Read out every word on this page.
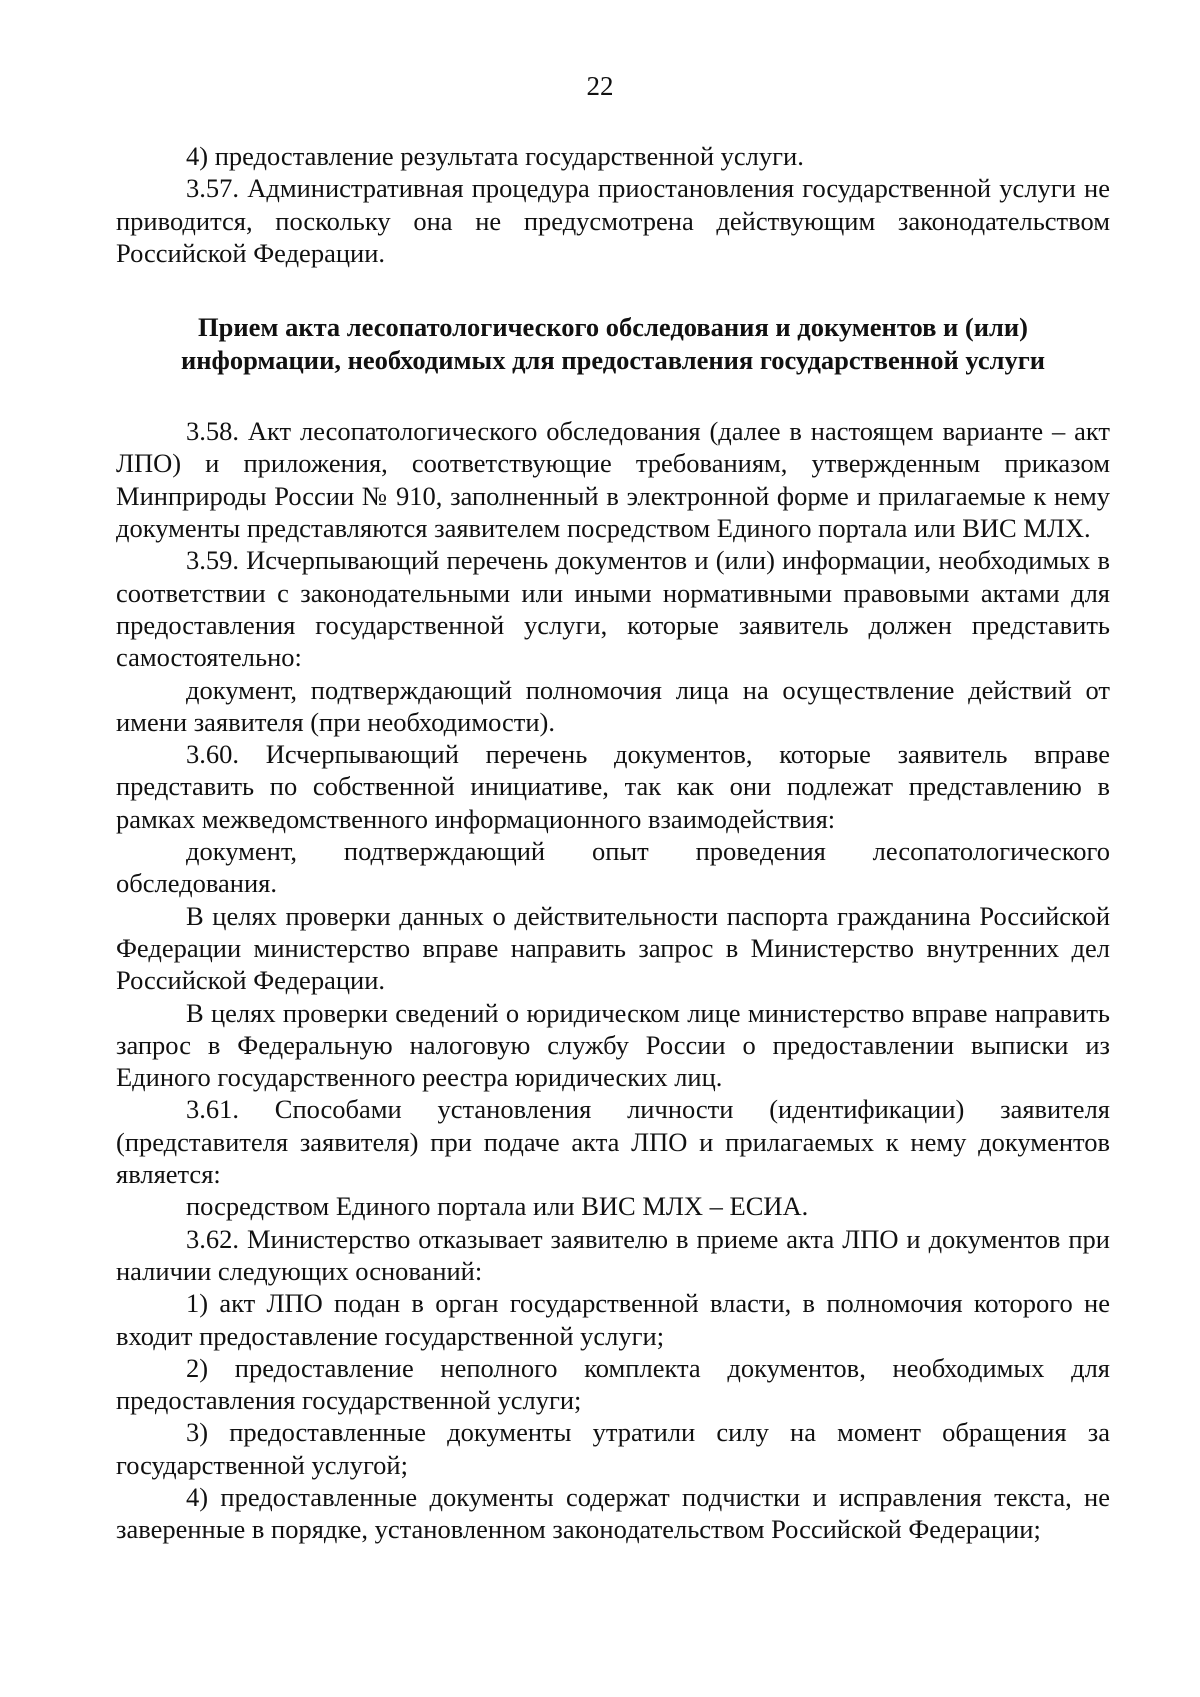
22

4) предоставление результата государственной услуги.

3.57. Административная процедура приостановления государственной услуги не приводится, поскольку она не предусмотрена действующим законодательством Российской Федерации.

Прием акта лесопатологического обследования и документов и (или)
информации, необходимых для предоставления государственной услуги

3.58. Акт лесопатологического обследования (далее в настоящем варианте – акт ЛПО) и приложения, соответствующие требованиям, утвержденным приказом Минприроды России № 910, заполненный в электронной форме и прилагаемые к нему документы представляются заявителем посредством Единого портала или ВИС МЛХ.

3.59. Исчерпывающий перечень документов и (или) информации, необходимых в соответствии с законодательными или иными нормативными правовыми актами для предоставления государственной услуги, которые заявитель должен представить самостоятельно:

документ, подтверждающий полномочия лица на осуществление действий от имени заявителя (при необходимости).

3.60. Исчерпывающий перечень документов, которые заявитель вправе представить по собственной инициативе, так как они подлежат представлению в рамках межведомственного информационного взаимодействия:

документ, подтверждающий опыт проведения лесопатологического обследования.

В целях проверки данных о действительности паспорта гражданина Российской Федерации министерство вправе направить запрос в Министерство внутренних дел Российской Федерации.

В целях проверки сведений о юридическом лице министерство вправе направить запрос в Федеральную налоговую службу России о предоставлении выписки из Единого государственного реестра юридических лиц.

3.61. Способами установления личности (идентификации) заявителя (представителя заявителя) при подаче акта ЛПО и прилагаемых к нему документов является:

посредством Единого портала или ВИС МЛХ – ЕСИА.

3.62. Министерство отказывает заявителю в приеме акта ЛПО и документов при наличии следующих оснований:

1) акт ЛПО подан в орган государственной власти, в полномочия которого не входит предоставление государственной услуги;

2) предоставление неполного комплекта документов, необходимых для предоставления государственной услуги;

3) предоставленные документы утратили силу на момент обращения за государственной услугой;

4) предоставленные документы содержат подчистки и исправления текста, не заверенные в порядке, установленном законодательством Российской Федерации;
